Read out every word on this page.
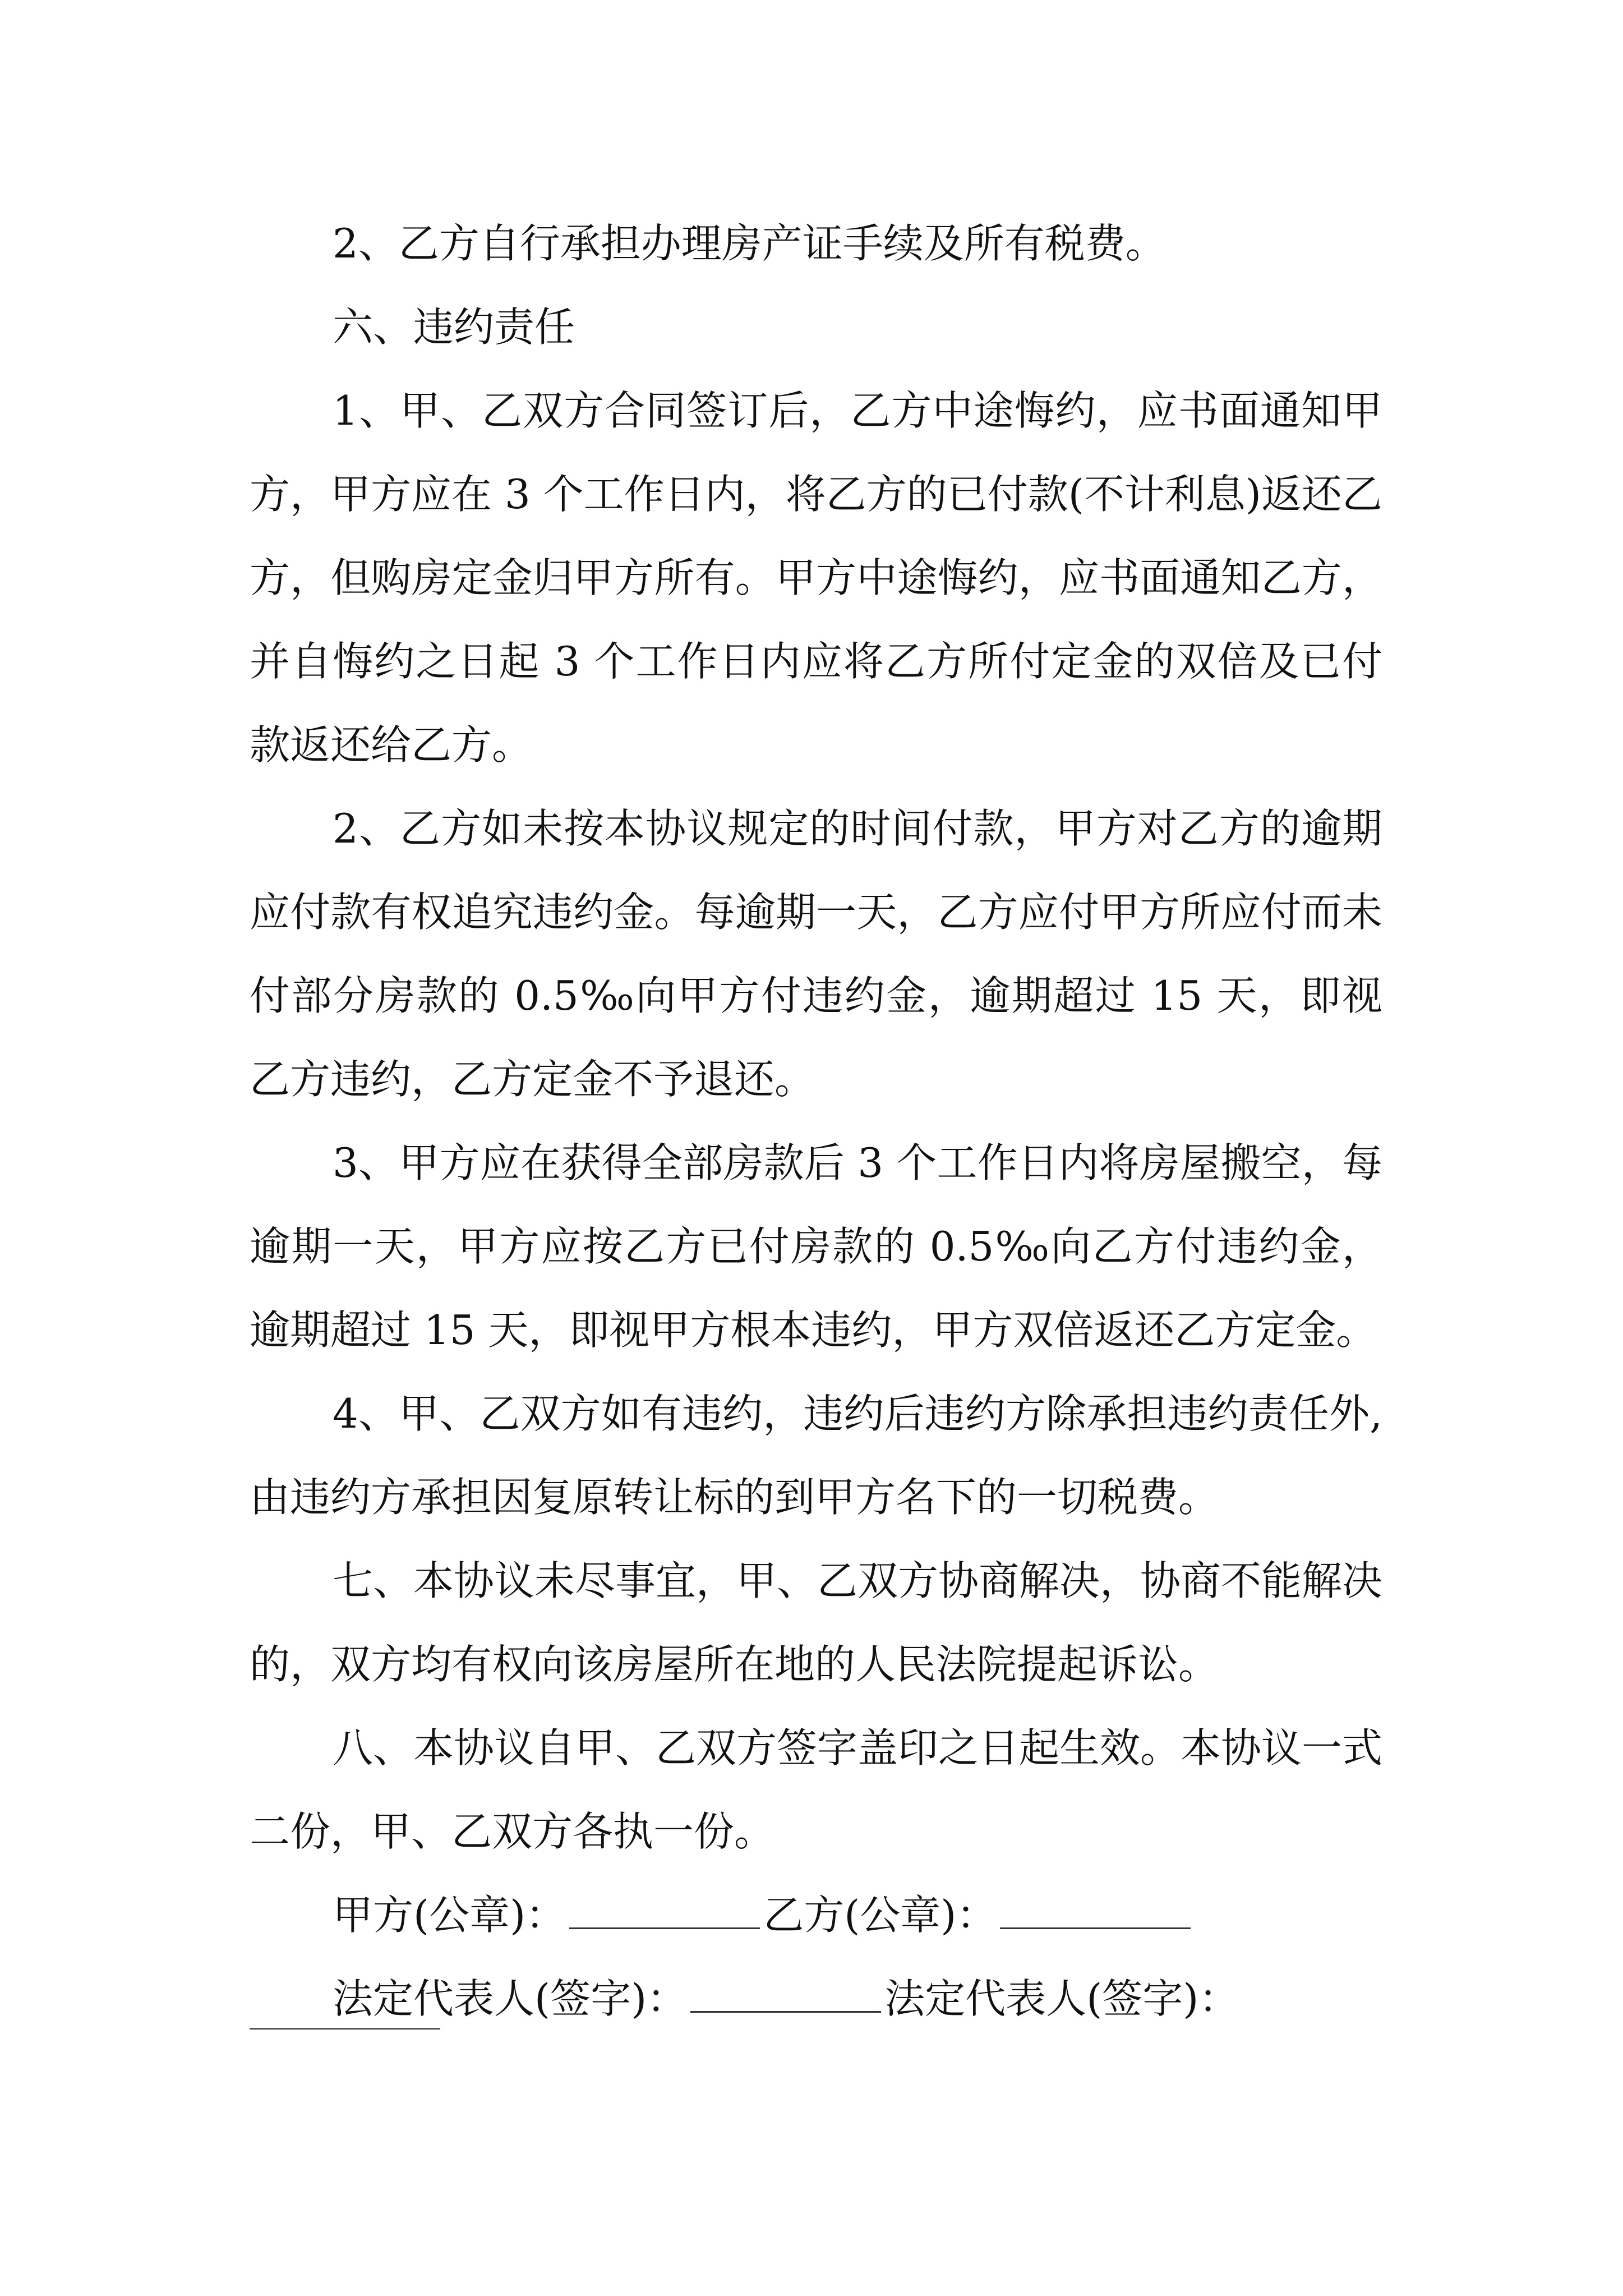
2、乙方自行承担办理房产证手续及所有税费。

六、违约责任

1、甲、乙双方合同签订后，乙方中途悔约，应书面通知甲方，甲方应在 3 个工作日内，将乙方的已付款(不计利息)返还乙方，但购房定金归甲方所有。甲方中途悔约，应书面通知乙方，并自悔约之日起 3 个工作日内应将乙方所付定金的双倍及已付款返还给乙方。

2、乙方如未按本协议规定的时间付款，甲方对乙方的逾期应付款有权追究违约金。每逾期一天，乙方应付甲方所应付而未付部分房款的 0.5‰向甲方付违约金，逾期超过 15 天，即视乙方违约，乙方定金不予退还。

3、甲方应在获得全部房款后 3 个工作日内将房屋搬空，每逾期一天，甲方应按乙方已付房款的 0.5‰向乙方付违约金，逾期超过 15 天，即视甲方根本违约，甲方双倍返还乙方定金。

4、甲、乙双方如有违约，违约后违约方除承担违约责任外,由违约方承担因复原转让标的到甲方名下的一切税费。

七、本协议未尽事宜，甲、乙双方协商解决，协商不能解决的，双方均有权向该房屋所在地的人民法院提起诉讼。

八、本协议自甲、乙双方签字盖印之日起生效。本协议一式二份，甲、乙双方各执一份。

甲方(公章)：	乙方(公章)：

法定代表人(签字)：	法定代表人(签字)：
